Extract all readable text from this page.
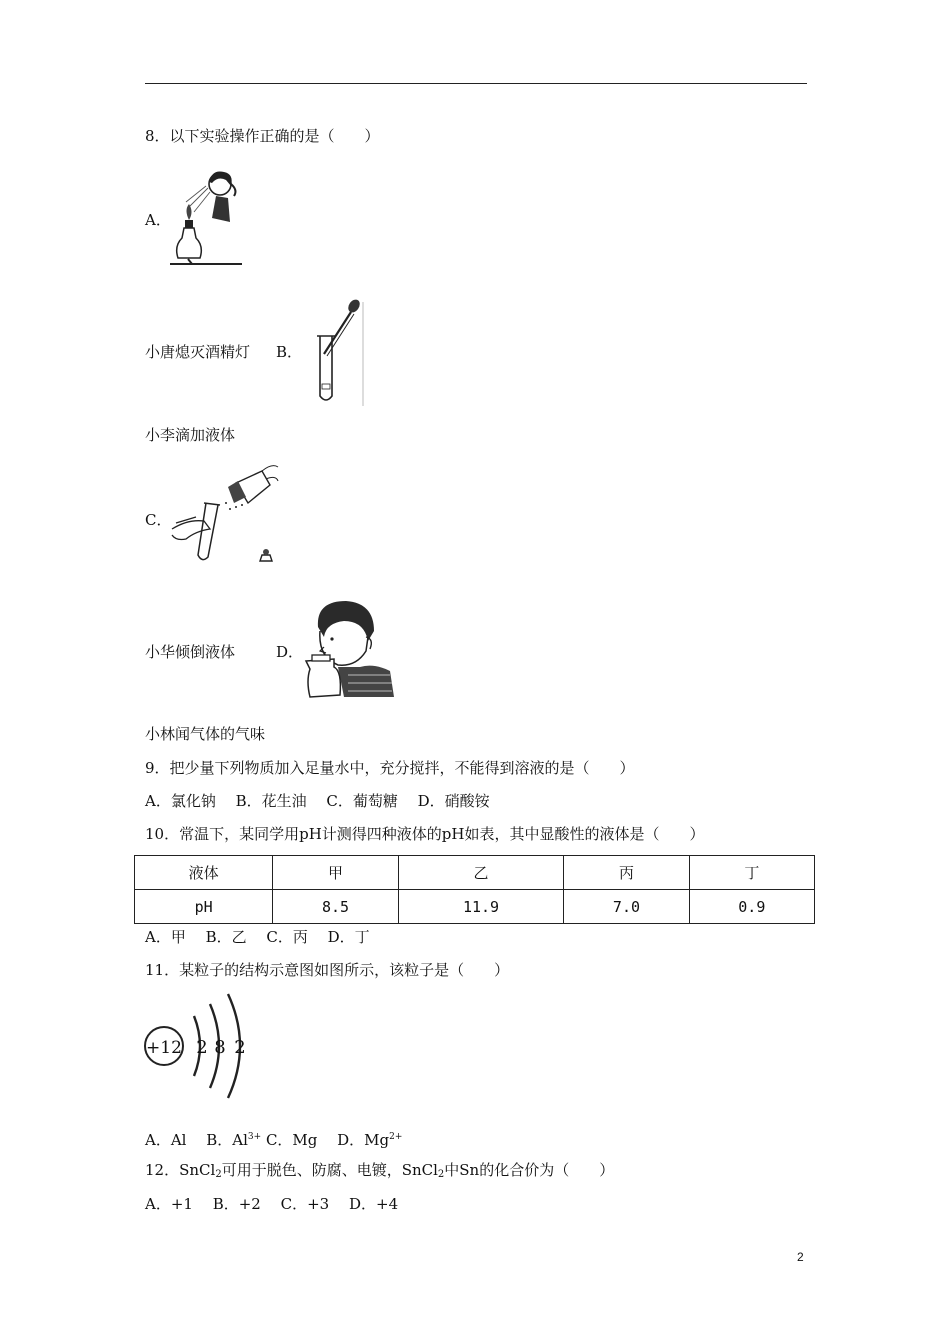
8．以下实验操作正确的是（　　）
A．
小唐熄灭酒精灯 B．
小李滴加液体
C．
小华倾倒液体	D．
小林闻气体的气味
9．把少量下列物质加入足量水中，充分搅拌，不能得到溶液的是（　　）
A．氯化钠　 B．花生油　 C．葡萄糖　 D．硝酸铵
10．常温下，某同学用pH计测得四种液体的pH如表，其中显酸性的液体是（　　）
液体	甲	乙	丙	丁
pH	8.5	11.9	7.0	0.9
A．甲　 B．乙　 C．丙　 D．丁
11．某粒子的结构示意图如图所示，该粒子是（　　）
+12 2 8 2
A．Al　 B．$Al^{3+}$ C．Mg　 D．$Mg^{2+}$
12．SnCl$_2$可用于脱色、防腐、电镀，SnCl$_2$中Sn的化合价为（　　）
A．+1　 B．+2　 C．+3　 D．+4
2
